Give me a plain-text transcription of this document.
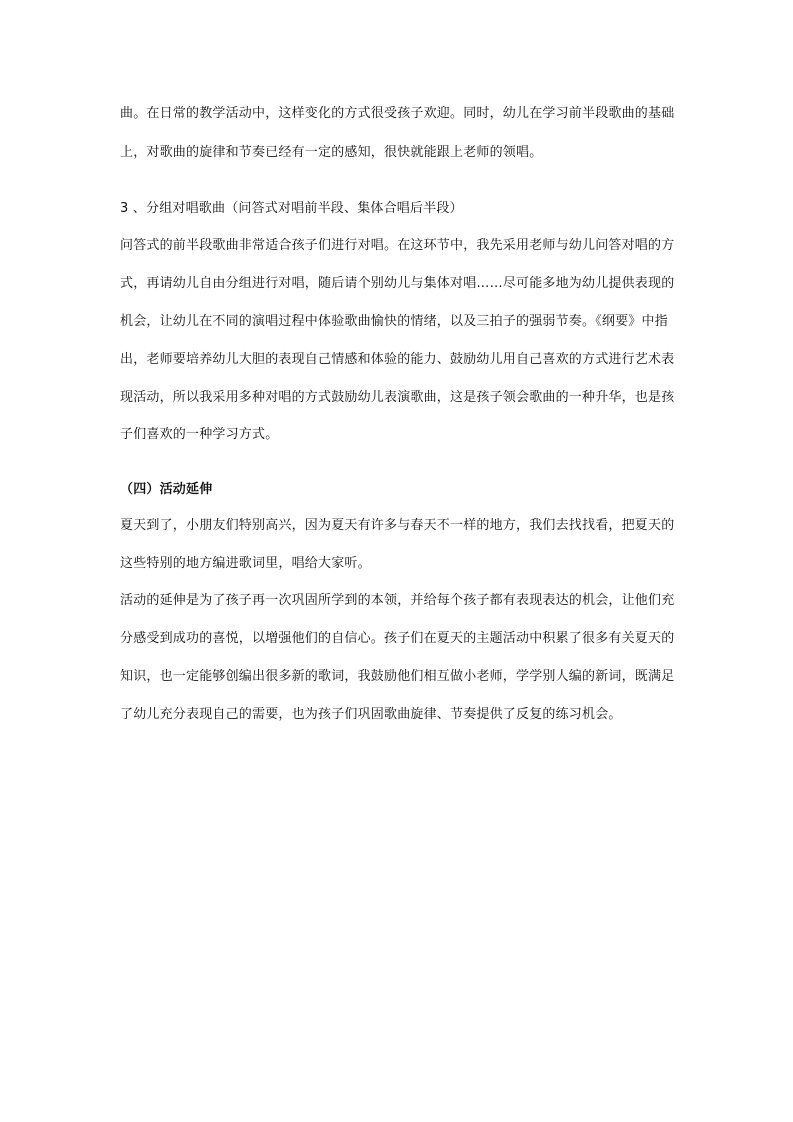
曲。在日常的教学活动中，这样变化的方式很受孩子欢迎。同时，幼儿在学习前半段歌曲的基础
上，对歌曲的旋律和节奏已经有一定的感知，很快就能跟上老师的领唱。
3 、分组对唱歌曲（问答式对唱前半段、集体合唱后半段）
问答式的前半段歌曲非常适合孩子们进行对唱。在这环节中，我先采用老师与幼儿问答对唱的方
式，再请幼儿自由分组进行对唱，随后请个别幼儿与集体对唱……尽可能多地为幼儿提供表现的
机会，让幼儿在不同的演唱过程中体验歌曲愉快的情绪，以及三拍子的强弱节奏。《纲要》中指
出，老师要培养幼儿大胆的表现自己情感和体验的能力、鼓励幼儿用自己喜欢的方式进行艺术表
现活动，所以我采用多种对唱的方式鼓励幼儿表演歌曲，这是孩子领会歌曲的一种升华，也是孩
子们喜欢的一种学习方式。
（四）活动延伸
夏天到了，小朋友们特别高兴，因为夏天有许多与春天不一样的地方，我们去找找看，把夏天的
这些特别的地方编进歌词里，唱给大家听。
活动的延伸是为了孩子再一次巩固所学到的本领，并给每个孩子都有表现表达的机会，让他们充
分感受到成功的喜悦，以增强他们的自信心。孩子们在夏天的主题活动中积累了很多有关夏天的
知识，也一定能够创编出很多新的歌词，我鼓励他们相互做小老师，学学别人编的新词，既满足
了幼儿充分表现自己的需要，也为孩子们巩固歌曲旋律、节奏提供了反复的练习机会。
